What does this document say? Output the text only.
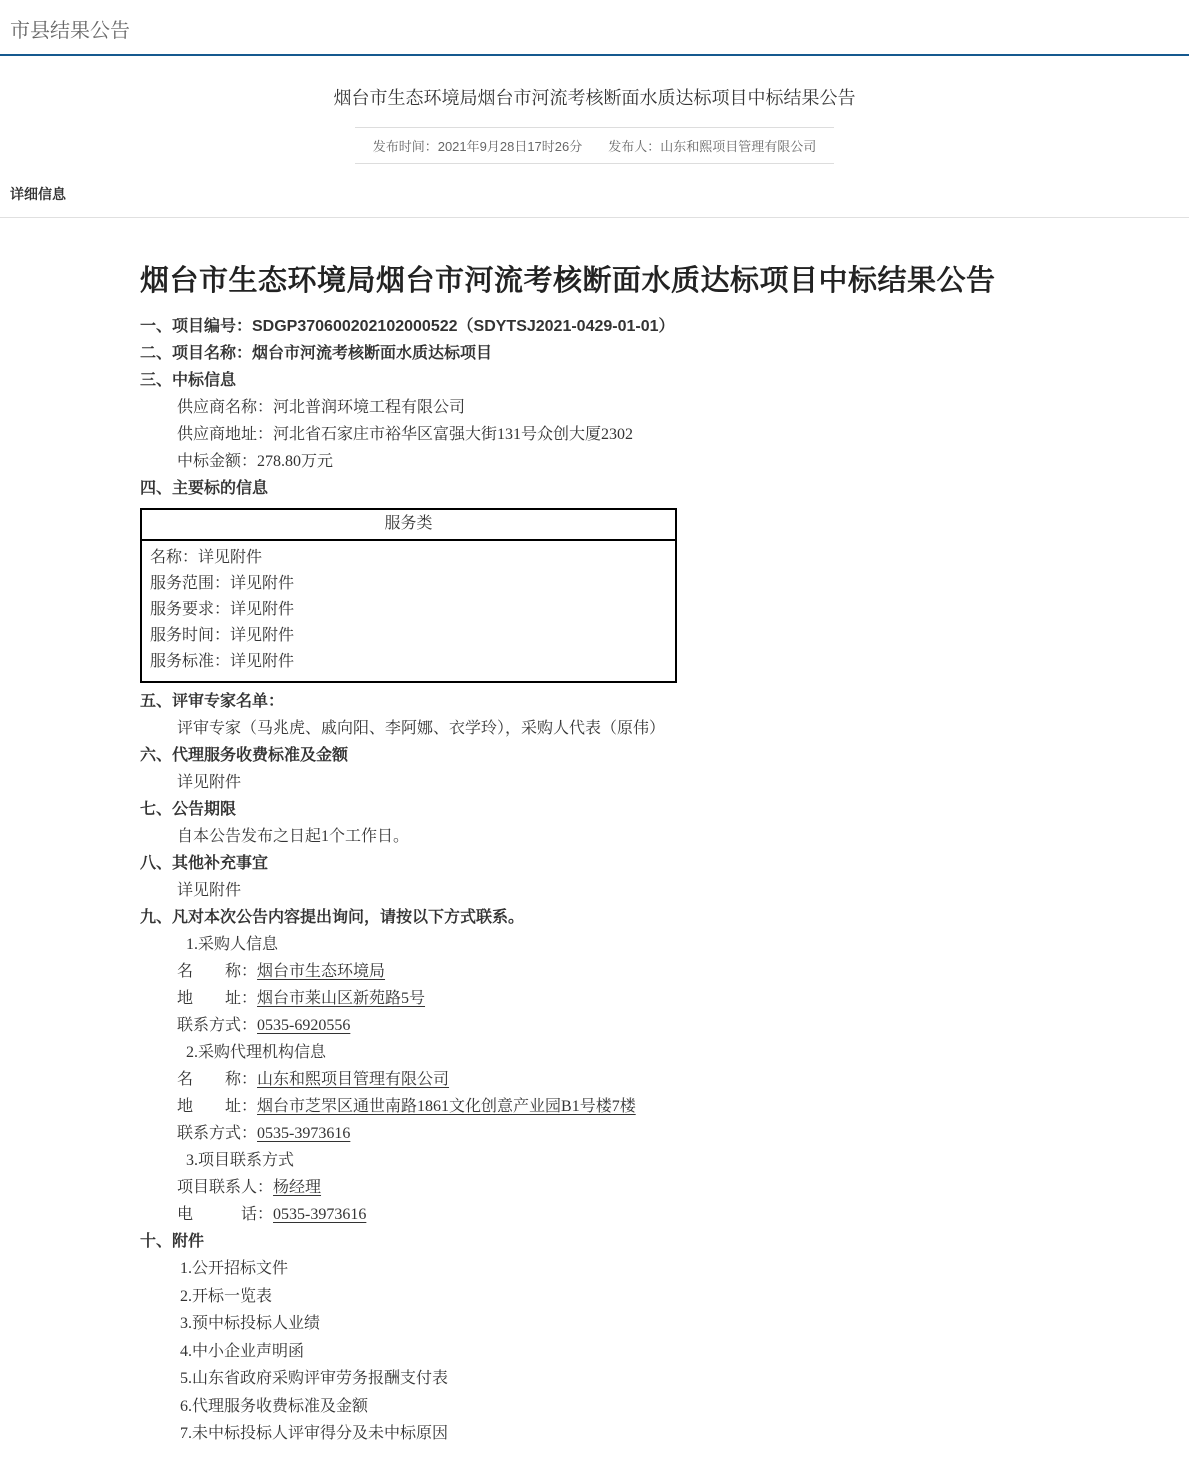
市县结果公告
烟台市生态环境局烟台市河流考核断面水质达标项目中标结果公告
发布时间：2021年9月28日17时26分 发布人：山东和熙项目管理有限公司
详细信息
烟台市生态环境局烟台市河流考核断面水质达标项目中标结果公告
一、项目编号：SDGP370600202102000522（SDYTSJ2021-0429-01-01）
二、项目名称：烟台市河流考核断面水质达标项目
三、中标信息
供应商名称：河北普润环境工程有限公司
供应商地址：河北省石家庄市裕华区富强大街131号众创大厦2302
中标金额：278.80万元
四、主要标的信息
服务类
名称：详见附件
服务范围：详见附件
服务要求：详见附件
服务时间：详见附件
服务标准：详见附件
五、评审专家名单：
评审专家（马兆虎、戚向阳、李阿娜、衣学玲），采购人代表（原伟）
六、代理服务收费标准及金额
详见附件
七、公告期限
自本公告发布之日起1个工作日。
八、其他补充事宜
详见附件
九、凡对本次公告内容提出询问，请按以下方式联系。
1.采购人信息
名　　称：烟台市生态环境局
地　　址：烟台市莱山区新苑路5号
联系方式：0535-6920556
2.采购代理机构信息
名　　称：山东和熙项目管理有限公司
地　　址：烟台市芝罘区通世南路1861文化创意产业园B1号楼7楼
联系方式：0535-3973616
3.项目联系方式
项目联系人：杨经理
电　　　话：0535-3973616
十、附件
1.公开招标文件
2.开标一览表
3.预中标投标人业绩
4.中小企业声明函
5.山东省政府采购评审劳务报酬支付表
6.代理服务收费标准及金额
7.未中标投标人评审得分及未中标原因
